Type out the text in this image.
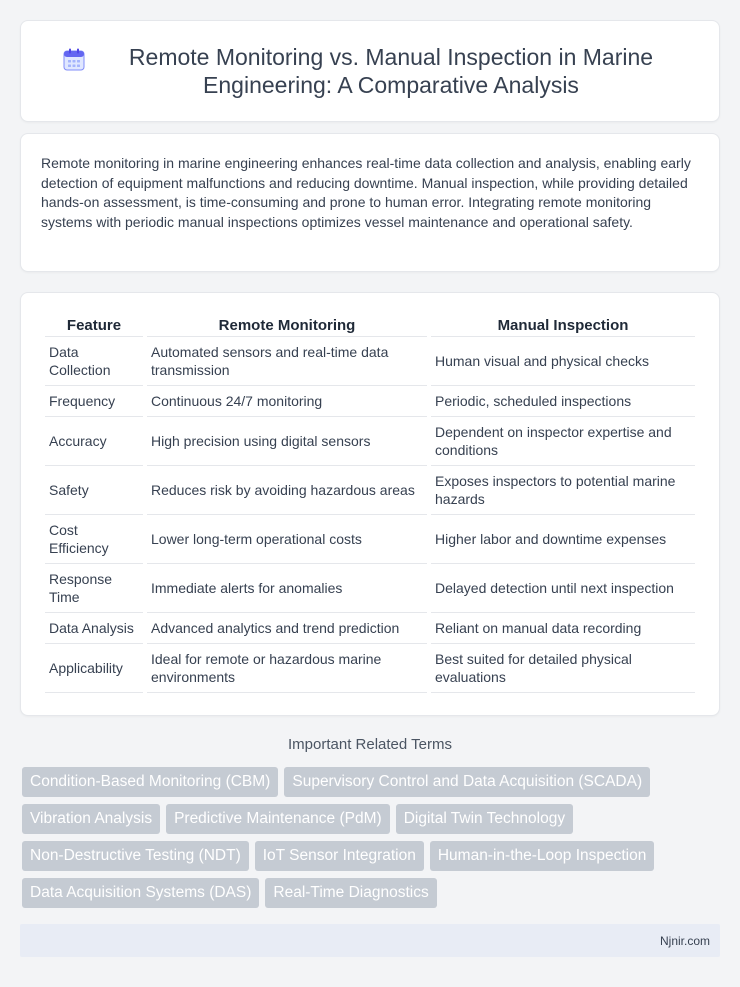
Remote Monitoring vs. Manual Inspection in Marine Engineering: A Comparative Analysis

Remote monitoring in marine engineering enhances real-time data collection and analysis, enabling early detection of equipment malfunctions and reducing downtime. Manual inspection, while providing detailed hands-on assessment, is time-consuming and prone to human error. Integrating remote monitoring systems with periodic manual inspections optimizes vessel maintenance and operational safety.

Feature	Remote Monitoring	Manual Inspection
Data Collection	Automated sensors and real-time data transmission	Human visual and physical checks
Frequency	Continuous 24/7 monitoring	Periodic, scheduled inspections
Accuracy	High precision using digital sensors	Dependent on inspector expertise and conditions
Safety	Reduces risk by avoiding hazardous areas	Exposes inspectors to potential marine hazards
Cost Efficiency	Lower long-term operational costs	Higher labor and downtime expenses
Response Time	Immediate alerts for anomalies	Delayed detection until next inspection
Data Analysis	Advanced analytics and trend prediction	Reliant on manual data recording
Applicability	Ideal for remote or hazardous marine environments	Best suited for detailed physical evaluations
Important Related Terms
Condition-Based Monitoring (CBM)	Supervisory Control and Data Acquisition (SCADA)
Vibration Analysis	Predictive Maintenance (PdM)	Digital Twin Technology
Non-Destructive Testing (NDT)	IoT Sensor Integration	Human-in-the-Loop Inspection
Data Acquisition Systems (DAS)	Real-Time Diagnostics
Njnir.com
